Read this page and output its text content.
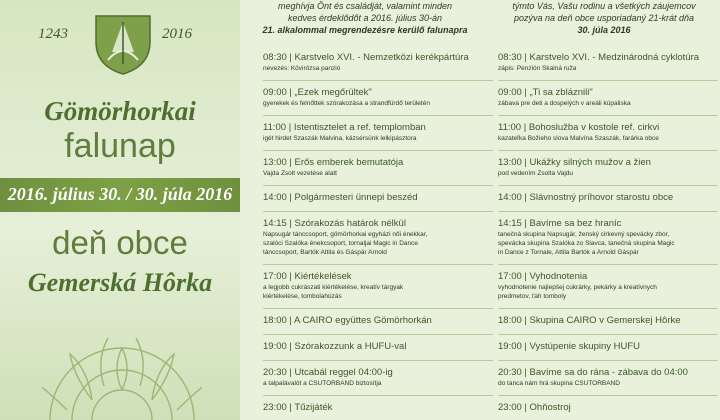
1243	2016
Gömörhorkai
falunap
2016. július 30. / 30. júla 2016
deň obce
Gemerská Hôrka
meghívja Önt és családját, valamint minden
kedves érdeklődőt a 2016. július 30-án
21. alkalommal megrendezésre kerülő falunapra
týmto Vás, Vašu rodinu a všetkých záujemcov
pozýva na deň obce usporiadaný 21-krát dňa
30. júla 2016
08:30 | Karstvelo XVI. - Nemzetközi kerékpártúra
nevezés: Kövirózsa panzió
09:00 | „Ezek megőrültek"
gyerekek és felnőttek szórakozása a strandfürdő területén
11:00 | Istentisztelet a ref. templomban
igét hirdet Szaszák Malvina, kázsérsünk lelkipásztora
13:00 | Erős emberek bemutatója
Vajda Zsolt vezetése alatt
14:00 | Polgármesteri ünnepi beszéd
14:15 | Szórakozás határok nélkül
Napsugár tánccsoport, gömörhorkai egyházi női énekkar,
szalóci Szalóka énekcsoport, tornaljai Magic in Dance
tánccsoport, Bartók Attila és Gáspár Arnold
17:00 | Kiértékelések
a legjobb cukrászati kiértékelése, kreatív tárgyak
kiértékelése, tombolahúzás
18:00 | A CAIRO együttes Gömörhorkán
19:00 | Szórakozzunk a HUFU-val
20:30 | Utcabál reggel 04:00-ig
a talpalávalót a CSUTORBAND biztosítja
23:00 | Tűzijáték
08:30 | Karstvelo XVI. - Medzinárodná cyklotúra
zápis: Penzión Skalná ruža
09:00 | „Ti sa zbláznili"
zábava pre deti a dospelých v areáli kúpaliska
11:00 | Bohoslužba v kostole ref. cirkvi
kazateľka Božieho slova Malvína Szaszák, farárka obce
13:00 | Ukážky silných mužov a žien
pod vedením Zsolta Vajdu
14:00 | Slávnostný príhovor starostu obce
14:15 | Bavíme sa bez hraníc
tanečná skupina Napsugár, ženský cirkevný spevácky zbor,
spevácka skupina Szalóka zo Slavca, tanečná skupina Magic
in Dance z Tornale, Attila Bartók a Arnold Gáspár
17:00 | Vyhodnotenia
vyhodnotenie najlepšej cukrárky, pekárky a kreatívnych
predmetov, ťah tomboly
18:00 | Skupina CAIRO v Gemerskej Hôrke
19:00 | Vystúpenie skupiny HUFU
20:30 | Bavíme sa do rána - zábava do 04:00
do tanca nám hrá skupina CSUTORBAND
23:00 | Ohňostroj
